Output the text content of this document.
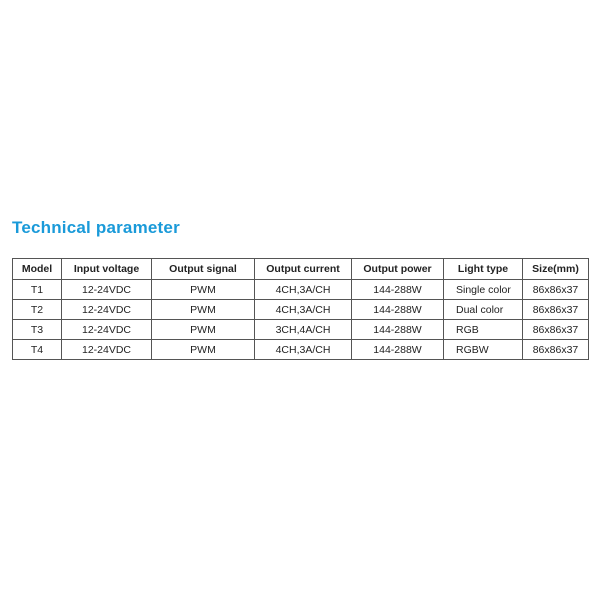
Technical parameter
Model	Input voltage	Output signal	Output current	Output power	Light type	Size(mm)
T1	12-24VDC	PWM	4CH,3A/CH	144-288W	Single color	86x86x37
T2	12-24VDC	PWM	4CH,3A/CH	144-288W	Dual color	86x86x37
T3	12-24VDC	PWM	3CH,4A/CH	144-288W	RGB	86x86x37
T4	12-24VDC	PWM	4CH,3A/CH	144-288W	RGBW	86x86x37
